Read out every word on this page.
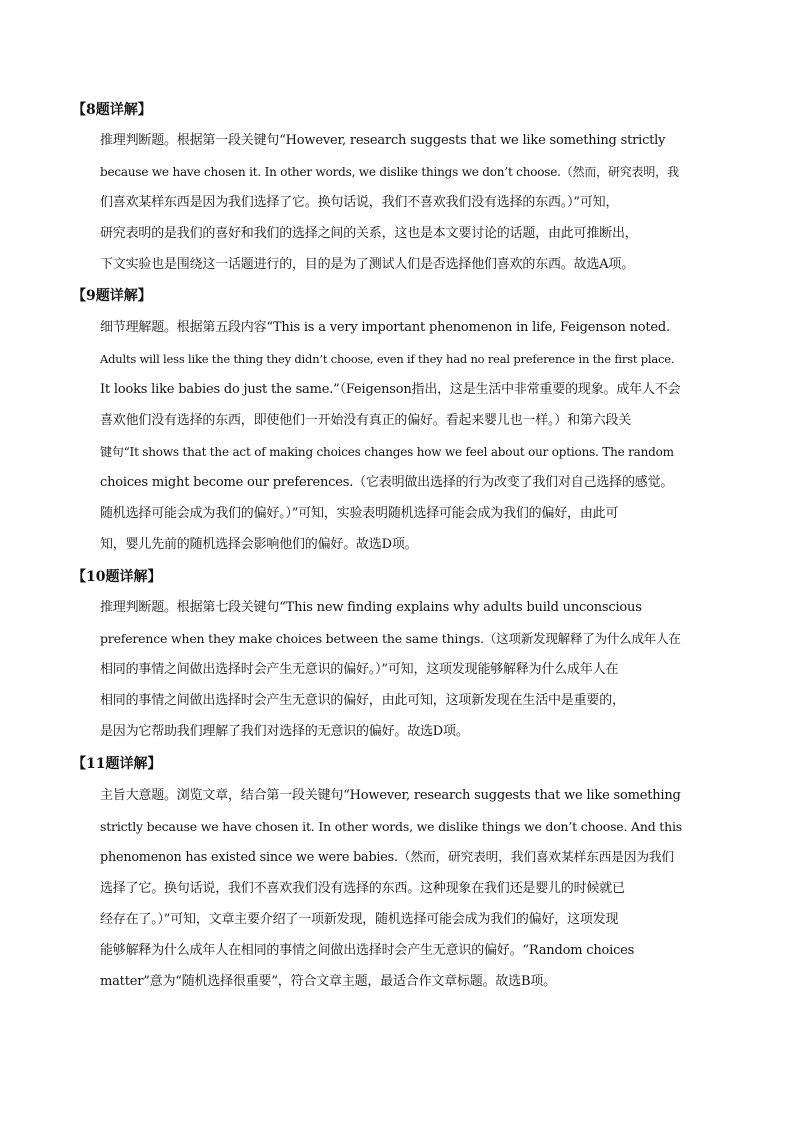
【8题详解】
推理判断题。根据第一段关键句“However, research suggests that we like something strictly
because we have chosen it. In other words, we dislike things we don’t choose.（然而，研究表明，我
们喜欢某样东西是因为我们选择了它。换句话说，我们不喜欢我们没有选择的东西。）”可知，
研究表明的是我们的喜好和我们的选择之间的关系，这也是本文要讨论的话题，由此可推断出，
下文实验也是围绕这一话题进行的，目的是为了测试人们是否选择他们喜欢的东西。故选A项。
【9题详解】
细节理解题。根据第五段内容“This is a very important phenomenon in life, Feigenson noted.
Adults will less like the thing they didn’t choose, even if they had no real preference in the first place.
It looks like babies do just the same.”（Feigenson指出，这是生活中非常重要的现象。成年人不会
喜欢他们没有选择的东西，即使他们一开始没有真正的偏好。看起来婴儿也一样。）和第六段关
键句“It shows that the act of making choices changes how we feel about our options. The random
choices might become our preferences.（它表明做出选择的行为改变了我们对自己选择的感觉。
随机选择可能会成为我们的偏好。）”可知，实验表明随机选择可能会成为我们的偏好，由此可
知，婴儿先前的随机选择会影响他们的偏好。故选D项。
【10题详解】
推理判断题。根据第七段关键句“This new finding explains why adults build unconscious
preference when they make choices between the same things.（这项新发现解释了为什么成年人在
相同的事情之间做出选择时会产生无意识的偏好。）”可知，这项发现能够解释为什么成年人在
相同的事情之间做出选择时会产生无意识的偏好，由此可知，这项新发现在生活中是重要的，
是因为它帮助我们理解了我们对选择的无意识的偏好。故选D项。
【11题详解】
主旨大意题。浏览文章，结合第一段关键句“However, research suggests that we like something
strictly because we have chosen it. In other words, we dislike things we don’t choose. And this
phenomenon has existed since we were babies.（然而，研究表明，我们喜欢某样东西是因为我们
选择了它。换句话说，我们不喜欢我们没有选择的东西。这种现象在我们还是婴儿的时候就已
经存在了。）”可知，文章主要介绍了一项新发现，随机选择可能会成为我们的偏好，这项发现
能够解释为什么成年人在相同的事情之间做出选择时会产生无意识的偏好。“Random choices
matter”意为“随机选择很重要”，符合文章主题，最适合作文章标题。故选B项。
